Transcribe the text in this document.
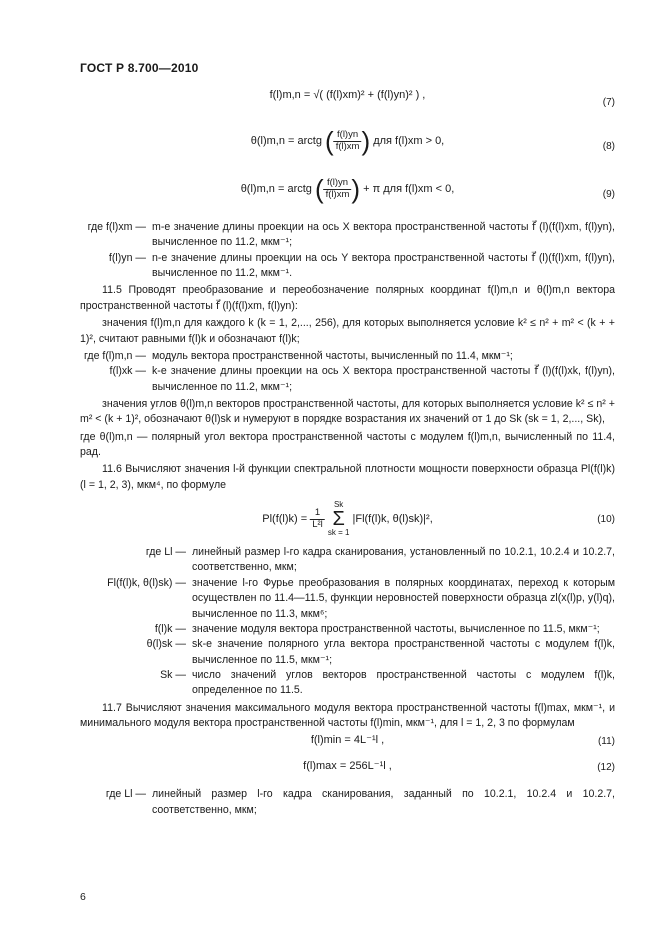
ГОСТ Р 8.700—2010
f(l)m,n = √( (f(l)xm)² + (f(l)yn)² ) ,
(7)
θ(l)m,n = arctg ( $\frac{f(l)yn}{f(l)xm}$ ) для f(l)xm > 0,	(8)
θ(l)m,n = arctg ( $\frac{f(l)yn}{f(l)xm}$ ) + π для f(l)xm < 0,	(9)
где f(l)xm — m-е значение длины проекции на ось X вектора пространственной частоты f⃗ (l)(f(l)xm, f(l)yn), вычисленное по 11.2, мкм⁻¹;
f(l)yn — n-е значение длины проекции на ось Y вектора пространственной частоты f⃗ (l)(f(l)xm, f(l)yn), вычисленное по 11.2, мкм⁻¹.

11.5 Проводят преобразование и переобозначение полярных координат f(l)m,n и θ(l)m,n вектора пространственной частоты f⃗ (l)(f(l)xm, f(l)yn):

значения f(l)m,n для каждого k (k = 1, 2,..., 256), для которых выполняется условие k² ≤ n² + m² < (k + + 1)², считают равными f(l)k и обозначают f(l)k;

где f(l)m,n — модуль вектора пространственной частоты, вычисленный по 11.4, мкм⁻¹;
f(l)xk — k-е значение длины проекции на ось X вектора пространственной частоты f⃗ (l)(f(l)xk, f(l)yn), вычисленное по 11.2, мкм⁻¹;

значения углов θ(l)m,n векторов пространственной частоты, для которых выполняется условие k² ≤ n² + m² < (k + 1)², обозначают θ(l)sk и нумеруют в порядке возрастания их значений от 1 до Sk (sk = 1, 2,..., Sk),

где θ(l)m,n — полярный угол вектора пространственной частоты с модулем f(l)m,n, вычисленный по 11.4, рад.

11.6 Вычисляют значения l-й функции спектральной плотности мощности поверхности образца Pl(f(l)k) (l = 1, 2, 3), мкм⁴, по формуле

$Pl(f(l)k) = \frac{1}{\text{L²l}}$
Sk
Σ
sk = 1 |Fl(f(l)k, θ(l)sk)|²,	(10)
где Ll — линейный размер l-го кадра сканирования, установленный по 10.2.1, 10.2.4 и 10.2.7, соответственно, мкм;
Fl(f(l)k, θ(l)sk) — значение l-го Фурье преобразования в полярных координатах, переход к которым осуществлен по 11.4—11.5, функции неровностей поверхности образца zl(x(l)p, y(l)q), вычисленное по 11.3, мкм⁶;
f(l)k — значение модуля вектора пространственной частоты, вычисленное по 11.5, мкм⁻¹;
θ(l)sk — sk-е значение полярного угла вектора пространственной частоты с модулем f(l)k, вычисленное по 11.5, мкм⁻¹;
Sk — число значений углов векторов пространственной частоты с модулем f(l)k, определенное по 11.5.

11.7 Вычисляют значения максимального модуля вектора пространственной частоты f(l)max, мкм⁻¹, и минимального модуля вектора пространственной частоты f(l)min, мкм⁻¹, для l = 1, 2, 3 по формулам

f(l)min = 4L⁻¹l ,	(11)
f(l)max = 256L⁻¹l ,	(12)
где Ll — линейный размер l-го кадра сканирования, заданный по 10.2.1, 10.2.4 и 10.2.7, соответственно, мкм;
6
